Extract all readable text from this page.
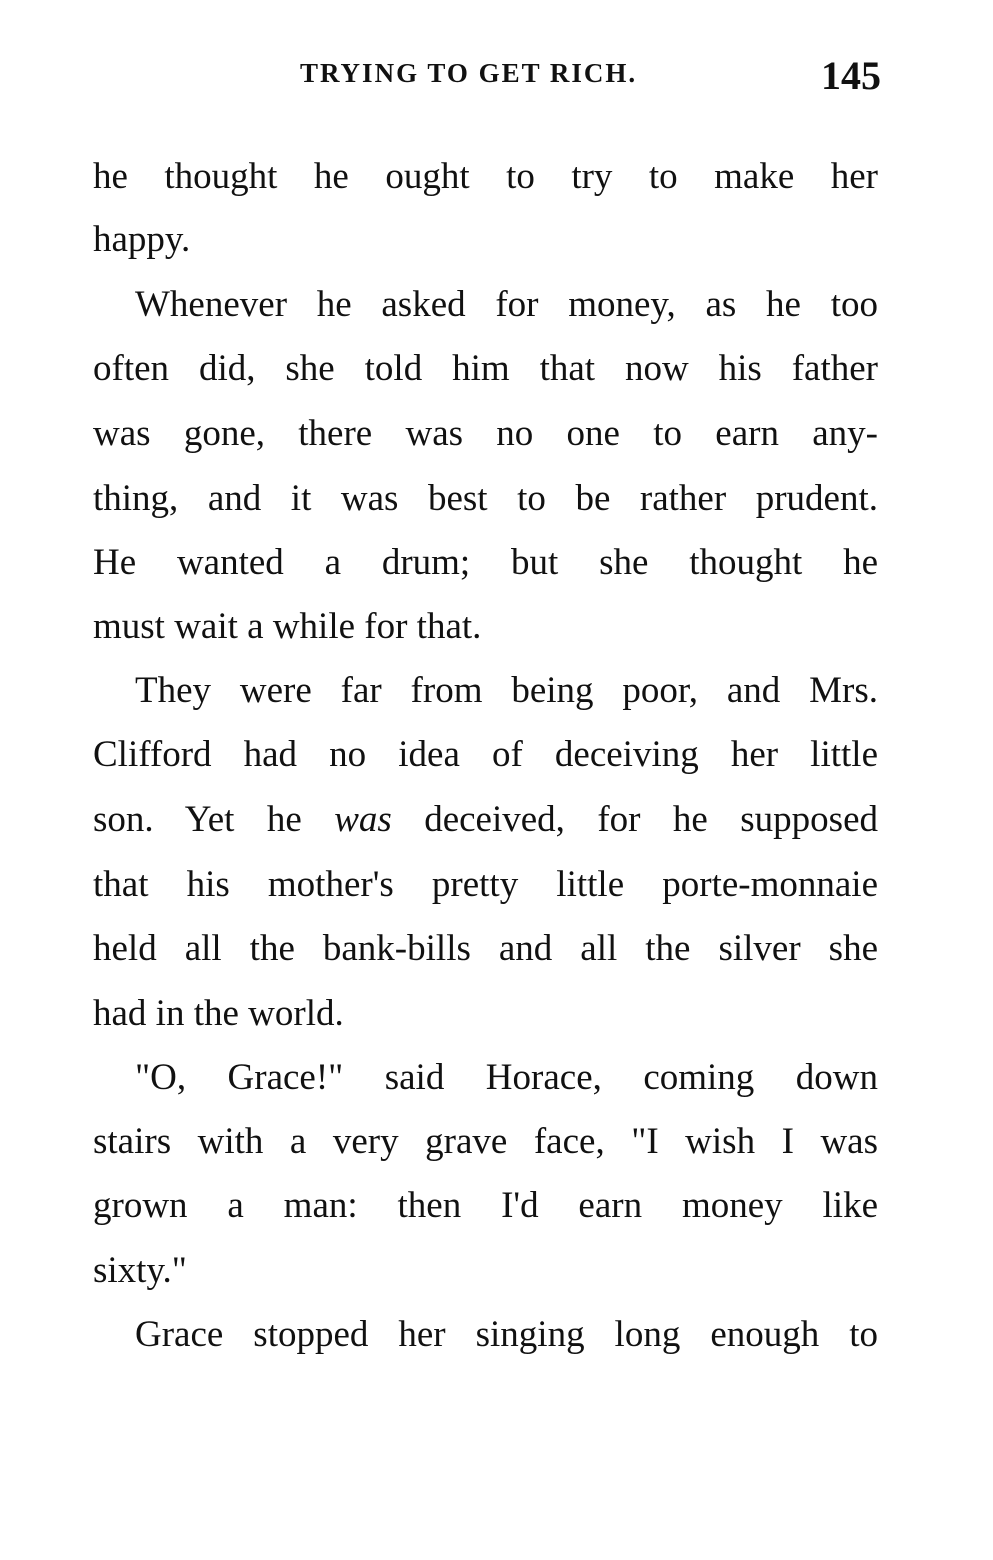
TRYING TO GET RICH.	145
he thought he ought to try to make her
happy.
Whenever he asked for money, as he too
often did, she told him that now his father
was gone, there was no one to earn any-
thing, and it was best to be rather prudent.
He wanted a drum; but she thought he
must wait a while for that.
They were far from being poor, and Mrs.
Clifford had no idea of deceiving her little
son. Yet he was deceived, for he supposed
that his mother's pretty little porte-monnaie
held all the bank-bills and all the silver she
had in the world.
"O, Grace!" said Horace, coming down
stairs with a very grave face, "I wish I was
grown a man: then I'd earn money like
sixty."
Grace stopped her singing long enough to
